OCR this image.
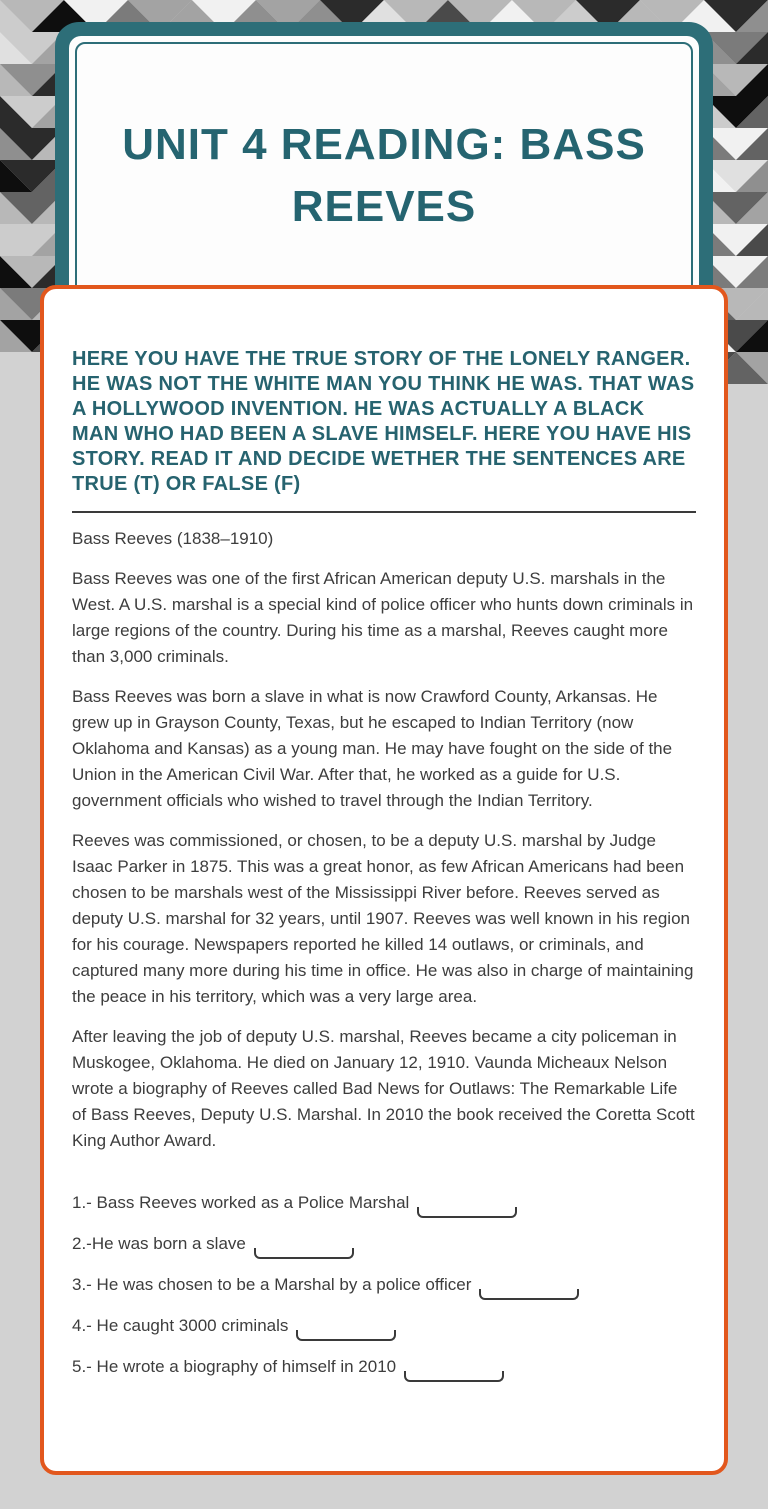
UNIT 4 READING: BASS REEVES
HERE YOU HAVE THE TRUE STORY OF THE LONELY RANGER. HE WAS NOT THE WHITE MAN YOU THINK HE WAS. THAT WAS A HOLLYWOOD INVENTION. HE WAS ACTUALLY A BLACK MAN WHO HAD BEEN A SLAVE HIMSELF. HERE YOU HAVE HIS STORY. READ IT AND DECIDE WETHER THE SENTENCES ARE TRUE (T) OR FALSE (F)

Bass Reeves (1838–1910)

Bass Reeves was one of the first African American deputy U.S. marshals in the West. A U.S. marshal is a special kind of police officer who hunts down criminals in large regions of the country. During his time as a marshal, Reeves caught more than 3,000 criminals.

Bass Reeves was born a slave in what is now Crawford County, Arkansas. He grew up in Grayson County, Texas, but he escaped to Indian Territory (now Oklahoma and Kansas) as a young man. He may have fought on the side of the Union in the American Civil War. After that, he worked as a guide for U.S. government officials who wished to travel through the Indian Territory.

Reeves was commissioned, or chosen, to be a deputy U.S. marshal by Judge Isaac Parker in 1875. This was a great honor, as few African Americans had been chosen to be marshals west of the Mississippi River before. Reeves served as deputy U.S. marshal for 32 years, until 1907. Reeves was well known in his region for his courage. Newspapers reported he killed 14 outlaws, or criminals, and captured many more during his time in office. He was also in charge of maintaining the peace in his territory, which was a very large area.

After leaving the job of deputy U.S. marshal, Reeves became a city policeman in Muskogee, Oklahoma. He died on January 12, 1910. Vaunda Micheaux Nelson wrote a biography of Reeves called Bad News for Outlaws: The Remarkable Life of Bass Reeves, Deputy U.S. Marshal. In 2010 the book received the Coretta Scott King Author Award.

1.- Bass Reeves worked as a Police Marshal
2.-He was born a slave
3.- He was chosen to be a Marshal by a police officer
4.- He caught 3000 criminals
5.- He wrote a biography of himself in 2010
